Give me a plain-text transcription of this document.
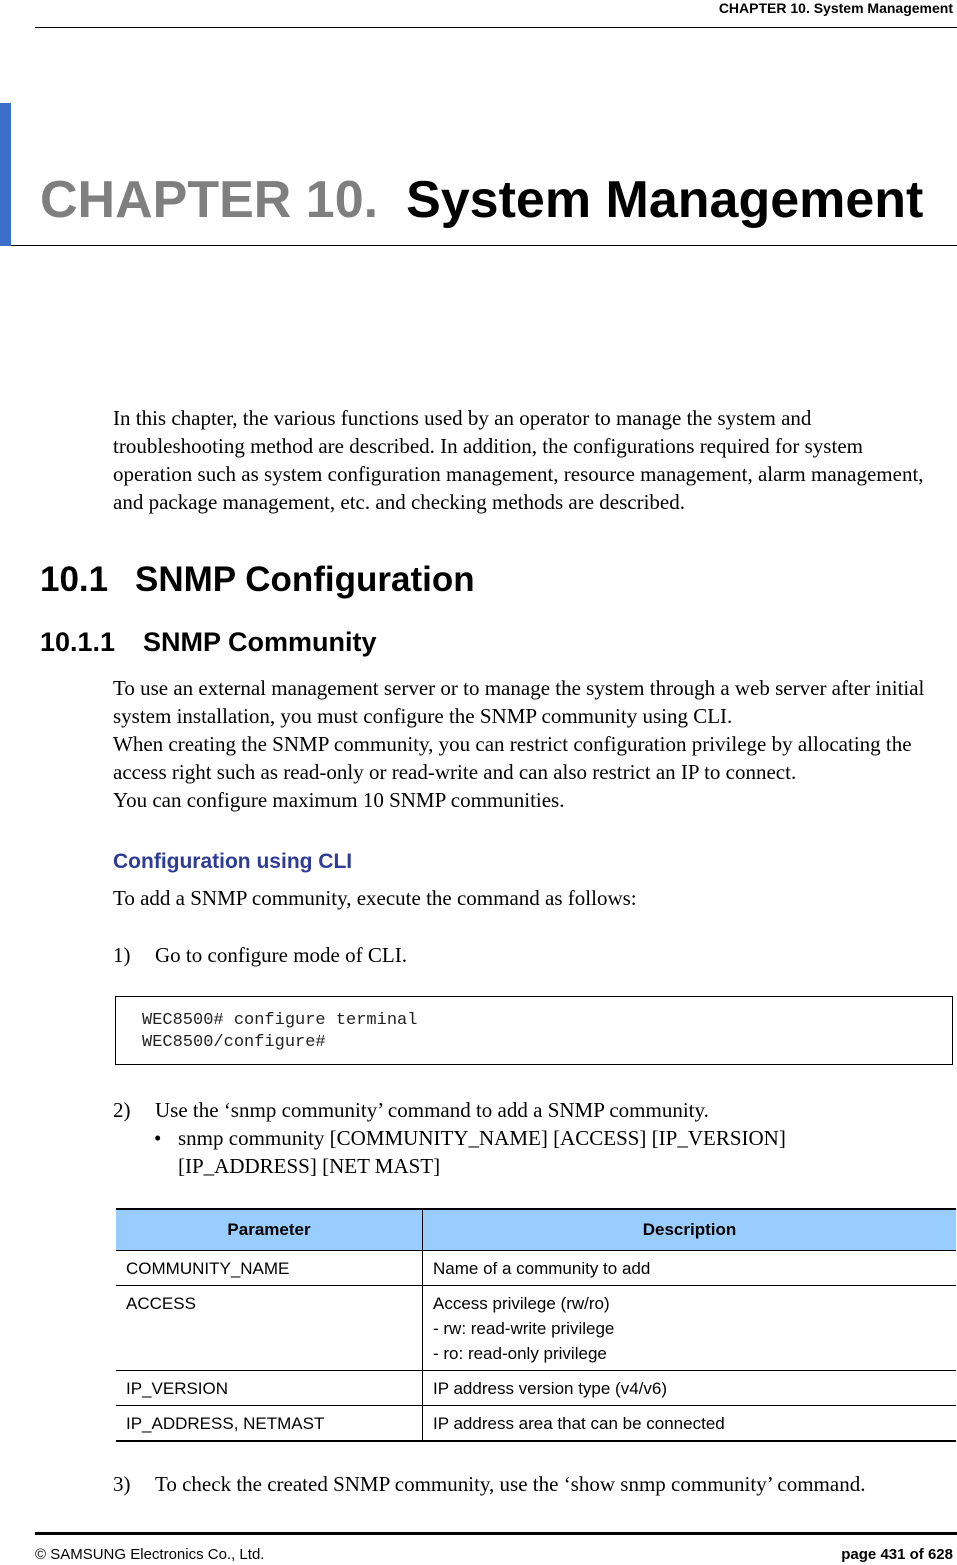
CHAPTER 10. System Management
CHAPTER 10. System Management
In this chapter, the various functions used by an operator to manage the system and troubleshooting method are described. In addition, the configurations required for system operation such as system configuration management, resource management, alarm management, and package management, etc. and checking methods are described.
10.1 SNMP Configuration
10.1.1 SNMP Community

To use an external management server or to manage the system through a web server after initial system installation, you must configure the SNMP community using CLI.

When creating the SNMP community, you can restrict configuration privilege by allocating the access right such as read-only or read-write and can also restrict an IP to connect.

You can configure maximum 10 SNMP communities.

Configuration using CLI
To add a SNMP community, execute the command as follows:
1) Go to configure mode of CLI.
WEC8500# configure terminal
WEC8500/configure#
2) Use the ‘snmp community’ command to add a SNMP community.
• snmp community [COMMUNITY_NAME] [ACCESS] [IP_VERSION] [IP_ADDRESS] [NET MAST]
Parameter	Description
COMMUNITY_NAME	Name of a community to add
ACCESS	Access privilege (rw/ro)
- rw: read-write privilege
- ro: read-only privilege

IP_VERSION	IP address version type (v4/v6)
IP_ADDRESS, NETMAST	IP address area that can be connected
3) To check the created SNMP community, use the ‘show snmp community’ command.
© SAMSUNG Electronics Co., Ltd.	page 431 of 628
